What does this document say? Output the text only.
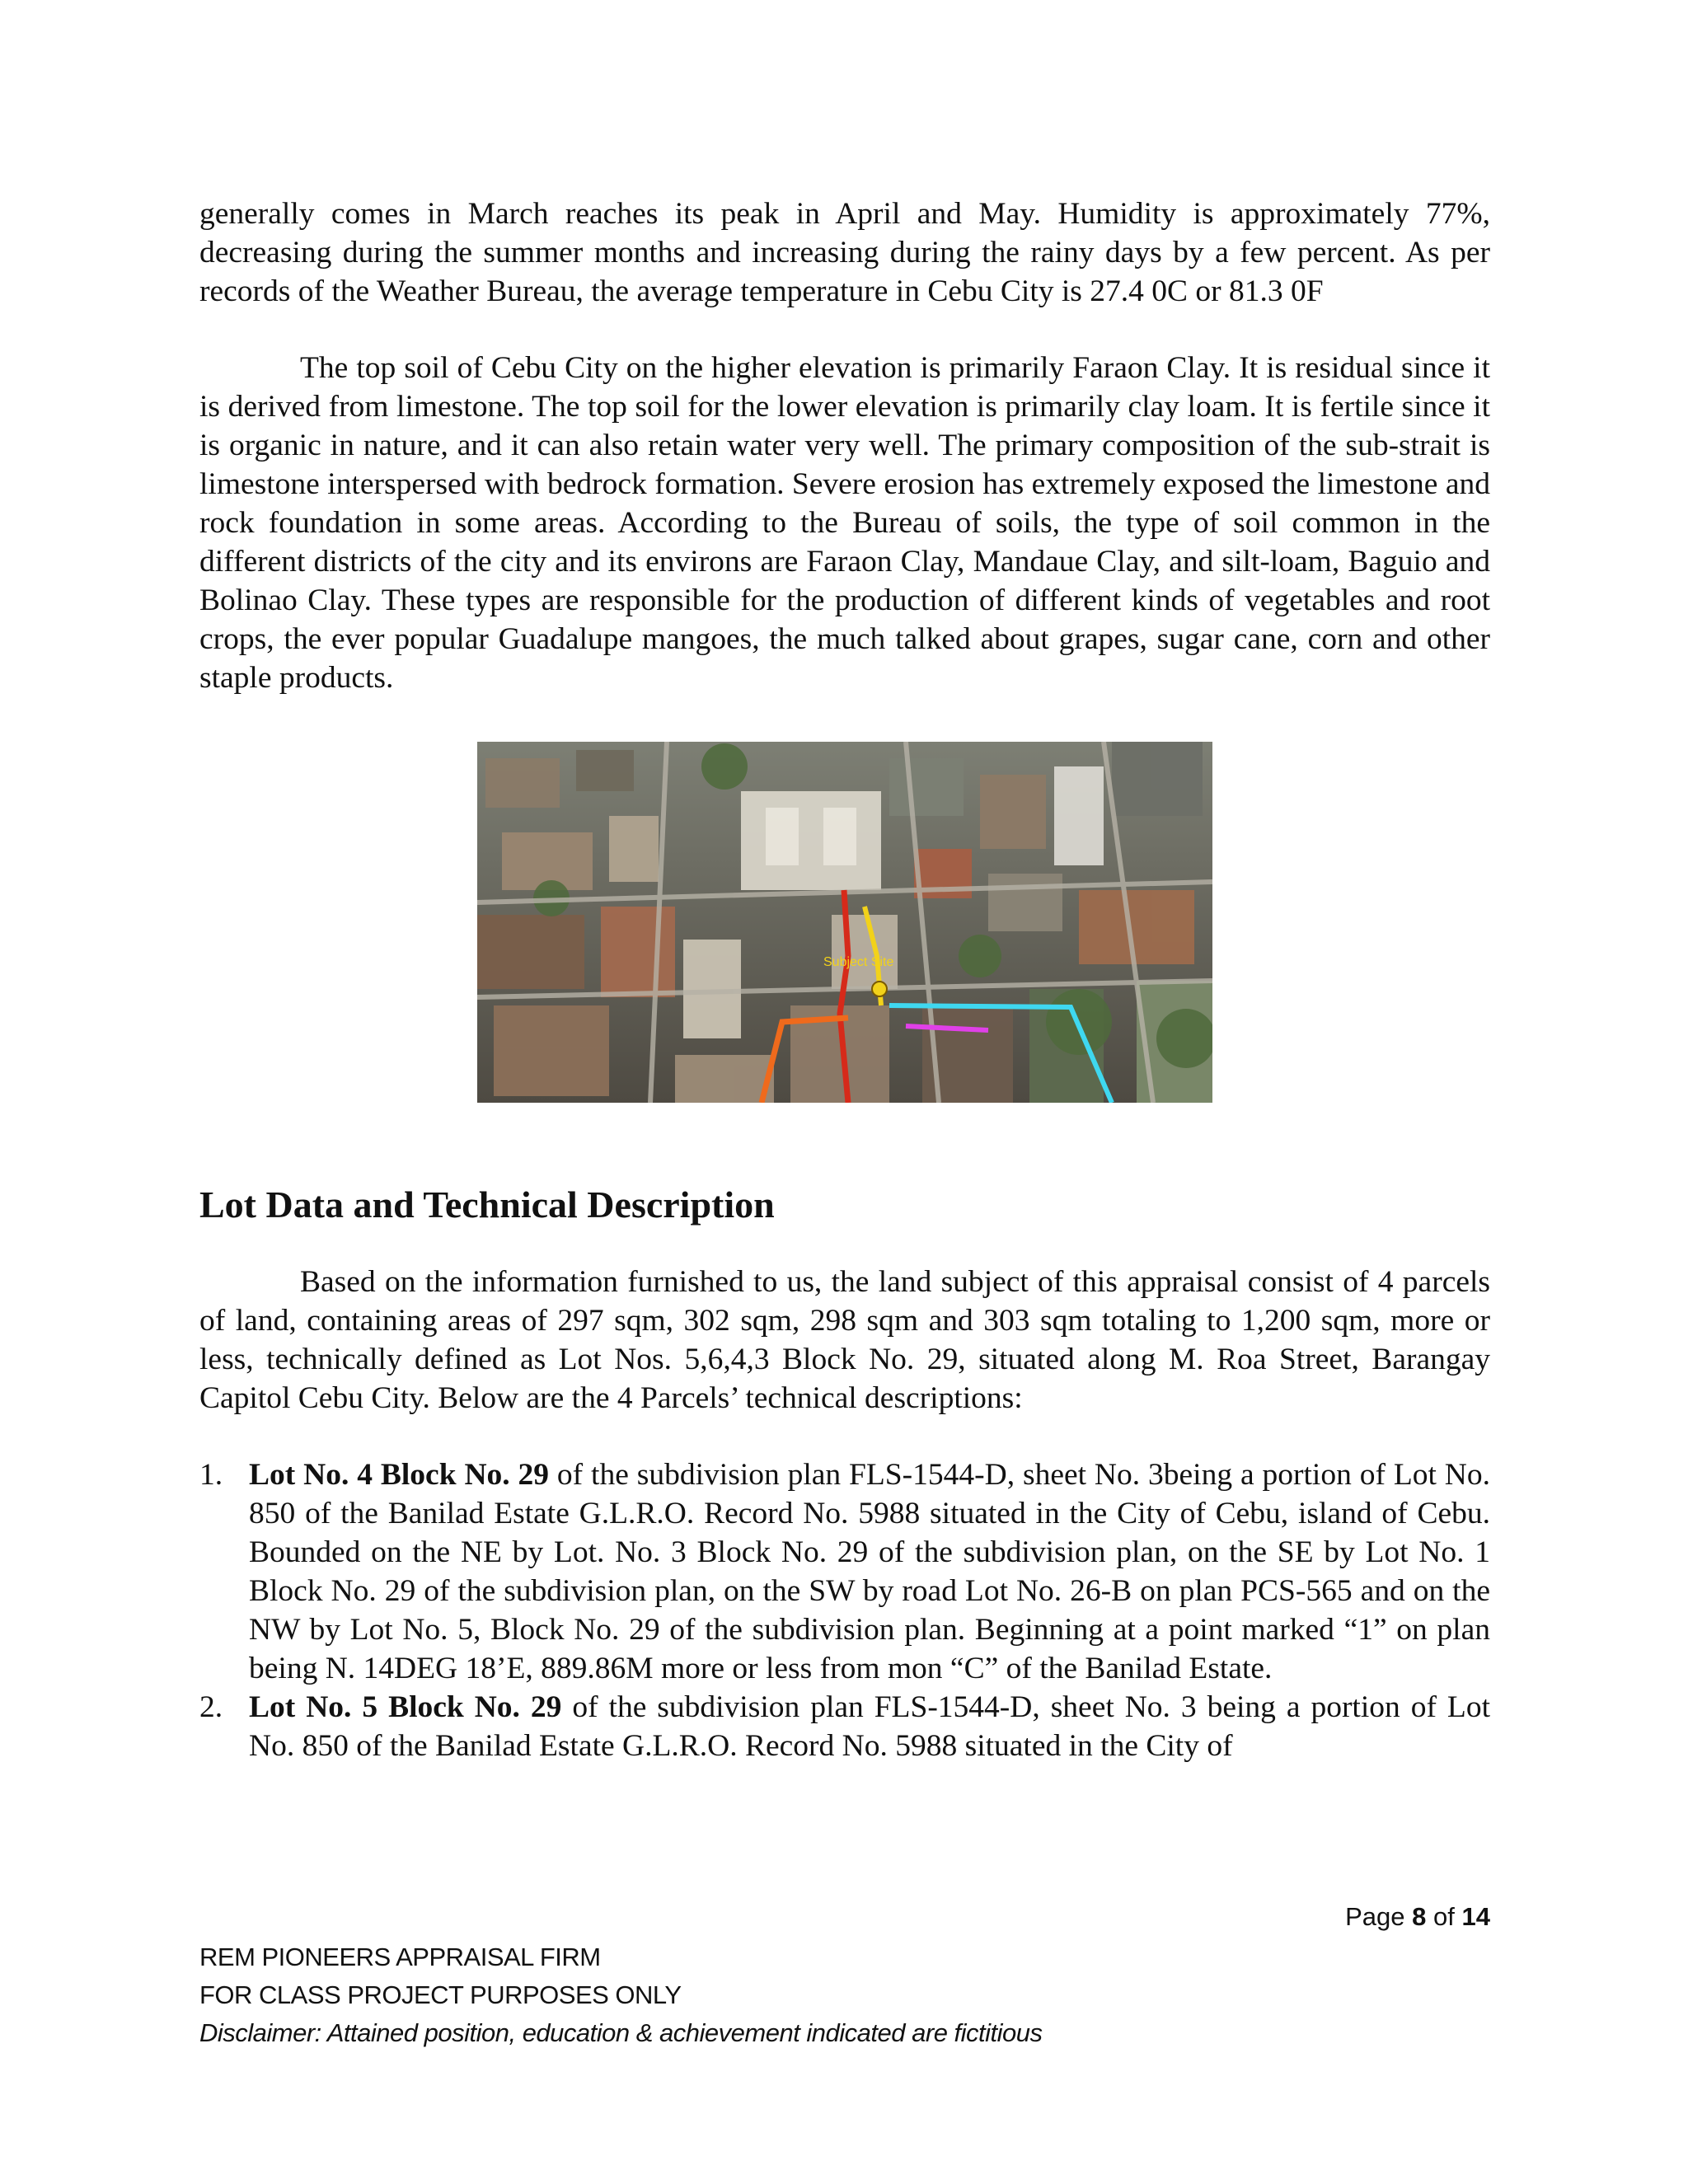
generally comes in March reaches its peak in April and May. Humidity is approximately 77%, decreasing during the summer months and increasing during the rainy days by a few percent. As per records of the Weather Bureau, the average temperature in Cebu City is 27.4 0C or 81.3 0F

The top soil of Cebu City on the higher elevation is primarily Faraon Clay. It is residual since it is derived from limestone. The top soil for the lower elevation is primarily clay loam. It is fertile since it is organic in nature, and it can also retain water very well. The primary composition of the sub-strait is limestone interspersed with bedrock formation. Severe erosion has extremely exposed the limestone and rock foundation in some areas. According to the Bureau of soils, the type of soil common in the different districts of the city and its environs are Faraon Clay, Mandaue Clay, and silt-loam, Baguio and Bolinao Clay. These types are responsible for the production of different kinds of vegetables and root crops, the ever popular Guadalupe mangoes, the much talked about grapes, sugar cane, corn and other staple products.

Subject Site
Lot Data and Technical Description

Based on the information furnished to us, the land subject of this appraisal consist of 4 parcels of land, containing areas of 297 sqm, 302 sqm, 298 sqm and 303 sqm totaling to 1,200 sqm, more or less, technically defined as Lot Nos. 5,6,4,3 Block No. 29, situated along M. Roa Street, Barangay Capitol Cebu City. Below are the 4 Parcels’ technical descriptions:

1. Lot No. 4 Block No. 29 of the subdivision plan FLS-1544-D, sheet No. 3being a portion of Lot No. 850 of the Banilad Estate G.L.R.O. Record No. 5988 situated in the City of Cebu, island of Cebu. Bounded on the NE by Lot. No. 3 Block No. 29 of the subdivision plan, on the SE by Lot No. 1 Block No. 29 of the subdivision plan, on the SW by road Lot No. 26-B on plan PCS-565 and on the NW by Lot No. 5, Block No. 29 of the subdivision plan. Beginning at a point marked “1” on plan being N. 14DEG 18’E, 889.86M more or less from mon “C” of the Banilad Estate.
2. Lot No. 5 Block No. 29 of the subdivision plan FLS-1544-D, sheet No. 3 being a portion of Lot No. 850 of the Banilad Estate G.L.R.O. Record No. 5988 situated in the City of
Page 8 of 14
REM PIONEERS APPRAISAL FIRM
FOR CLASS PROJECT PURPOSES ONLY
Disclaimer: Attained position, education & achievement indicated are fictitious
